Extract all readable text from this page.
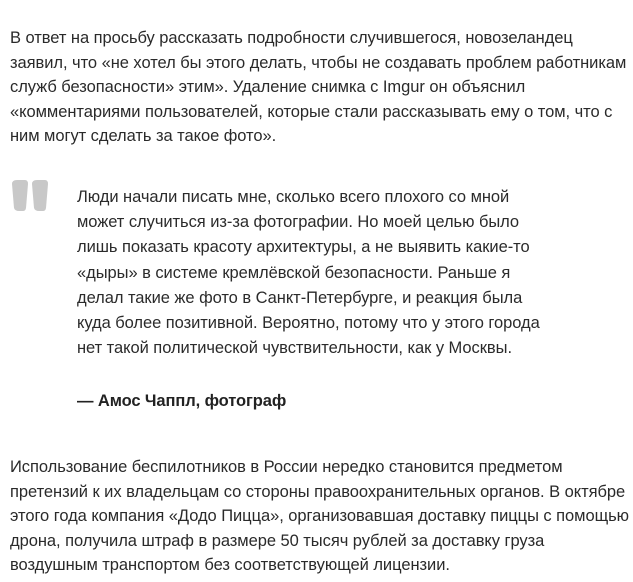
В ответ на просьбу рассказать подробности случившегося, новозеландец заявил, что «не хотел бы этого делать, чтобы не создавать проблем работникам служб безопасности» этим». Удаление снимка с Imgur он объяснил «комментариями пользователей, которые стали рассказывать ему о том, что с ним могут сделать за такое фото».

Люди начали писать мне, сколько всего плохого со мной может случиться из-за фотографии. Но моей целью было лишь показать красоту архитектуры, а не выявить какие-то «дыры» в системе кремлёвской безопасности. Раньше я делал такие же фото в Санкт-Петербурге, и реакция была куда более позитивной. Вероятно, потому что у этого города нет такой политической чувствительности, как у Москвы.

— Амос Чаппл, фотограф

Использование беспилотников в России нередко становится предметом претензий к их владельцам со стороны правоохранительных органов. В октябре этого года компания «Додо Пицца», организовавшая доставку пиццы с помощью дрона, получила штраф в размере 50 тысяч рублей за доставку груза воздушным транспортом без соответствующей лицензии.
